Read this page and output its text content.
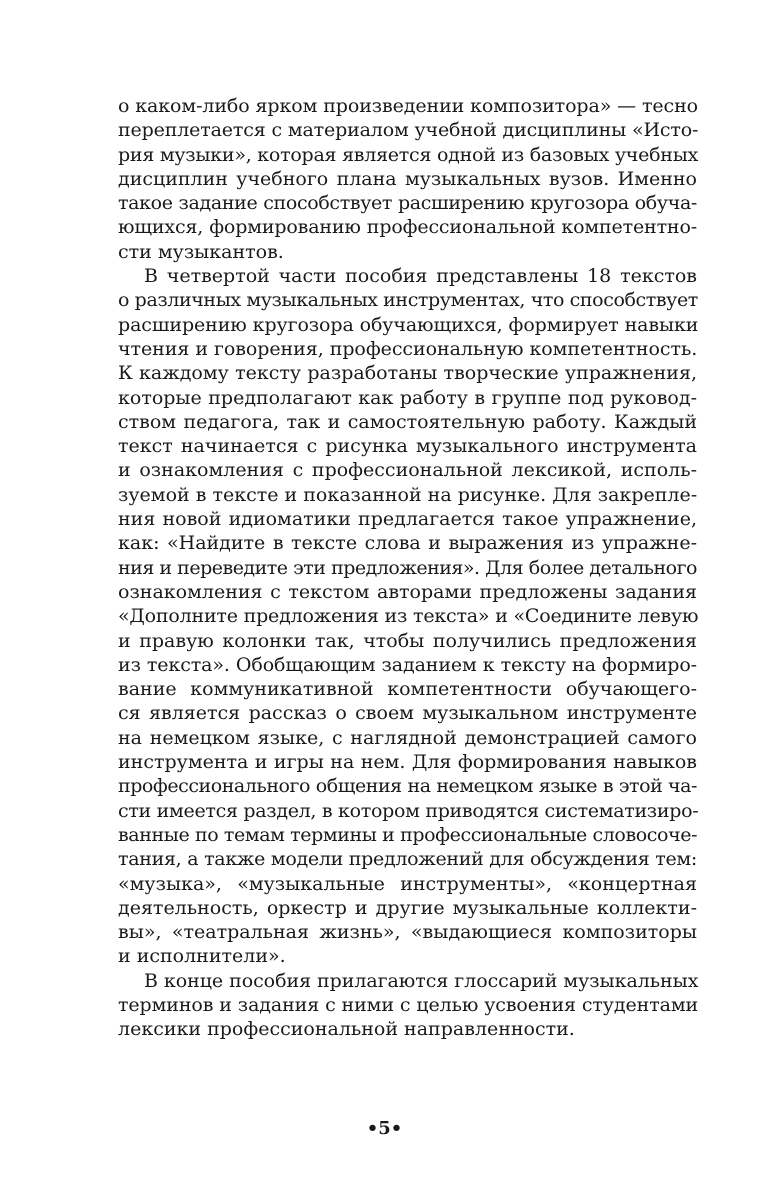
о каком-либо ярком произведении композитора» — тесно
переплетается с материалом учебной дисциплины «Исто-
рия музыки», которая является одной из базовых учебных
дисциплин учебного плана музыкальных вузов. Именно
такое задание способствует расширению кругозора обуча-
ющихся, формированию профессиональной компетентно-
сти музыкантов.
В четвертой части пособия представлены 18 текстов
о различных музыкальных инструментах, что способствует
расширению кругозора обучающихся, формирует навыки
чтения и говорения, профессиональную компетентность.
К каждому тексту разработаны творческие упражнения,
которые предполагают как работу в группе под руковод-
ством педагога, так и самостоятельную работу. Каждый
текст начинается с рисунка музыкального инструмента
и ознакомления с профессиональной лексикой, исполь-
зуемой в тексте и показанной на рисунке. Для закрепле-
ния новой идиоматики предлагается такое упражнение,
как: «Найдите в тексте слова и выражения из упражне-
ния и переведите эти предложения». Для более детального
ознакомления с текстом авторами предложены задания
«Дополните предложения из текста» и «Соедините левую
и правую колонки так, чтобы получились предложения
из текста». Обобщающим заданием к тексту на формиро-
вание коммуникативной компетентности обучающего-
ся является рассказ о своем музыкальном инструменте
на немецком языке, с наглядной демонстрацией самого
инструмента и игры на нем. Для формирования навыков
профессионального общения на немецком языке в этой ча-
сти имеется раздел, в котором приводятся систематизиро-
ванные по темам термины и профессиональные словосоче-
тания, а также модели предложений для обсуждения тем:
«музыка», «музыкальные инструменты», «концертная
деятельность, оркестр и другие музыкальные коллекти-
вы», «театральная жизнь», «выдающиеся композиторы
и исполнители».
В конце пособия прилагаются глоссарий музыкальных
терминов и задания с ними с целью усвоения студентами
лексики профессиональной направленности.
•5•
